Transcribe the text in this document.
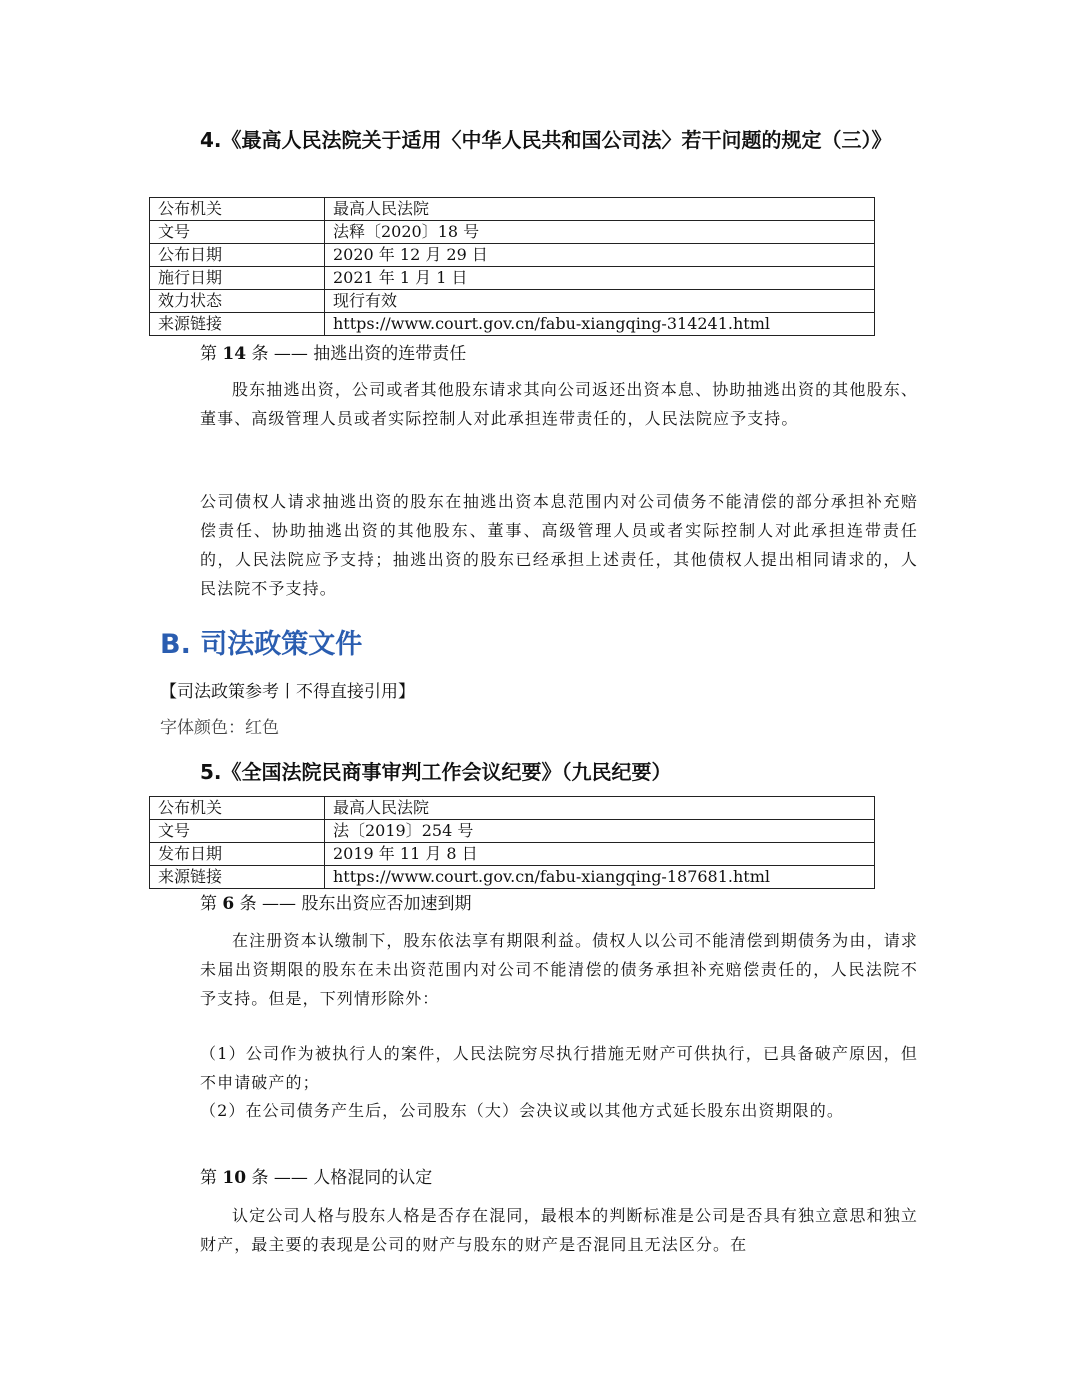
4.《最高人民法院关于适用〈中华人民共和国公司法〉若干问题的规定（三）》
公布机关	最高人民法院
文号	法释〔2020〕18 号
公布日期	2020 年 12 月 29 日
施行日期	2021 年 1 月 1 日
效力状态	现行有效
来源链接	https://www.court.gov.cn/fabu-xiangqing-314241.html
第 14 条 —— 抽逃出资的连带责任
股东抽逃出资，公司或者其他股东请求其向公司返还出资本息、协助抽逃出资的其他股东、董事、高级管理人员或者实际控制人对此承担连带责任的，人民法院应予支持。
公司债权人请求抽逃出资的股东在抽逃出资本息范围内对公司债务不能清偿的部分承担补充赔偿责任、协助抽逃出资的其他股东、董事、高级管理人员或者实际控制人对此承担连带责任的，人民法院应予支持；抽逃出资的股东已经承担上述责任，其他债权人提出相同请求的，人民法院不予支持。
B. 司法政策文件
【司法政策参考丨不得直接引用】
字体颜色：红色
5.《全国法院民商事审判工作会议纪要》（九民纪要）
公布机关	最高人民法院
文号	法〔2019〕254 号
发布日期	2019 年 11 月 8 日
来源链接	https://www.court.gov.cn/fabu-xiangqing-187681.html
第 6 条 —— 股东出资应否加速到期
在注册资本认缴制下，股东依法享有期限利益。债权人以公司不能清偿到期债务为由，请求未届出资期限的股东在未出资范围内对公司不能清偿的债务承担补充赔偿责任的，人民法院不予支持。但是，下列情形除外：
（1）公司作为被执行人的案件，人民法院穷尽执行措施无财产可供执行，已具备破产原因，但不申请破产的；
（2）在公司债务产生后，公司股东（大）会决议或以其他方式延长股东出资期限的。
第 10 条 —— 人格混同的认定
认定公司人格与股东人格是否存在混同，最根本的判断标准是公司是否具有独立意思和独立财产，最主要的表现是公司的财产与股东的财产是否混同且无法区分。在
